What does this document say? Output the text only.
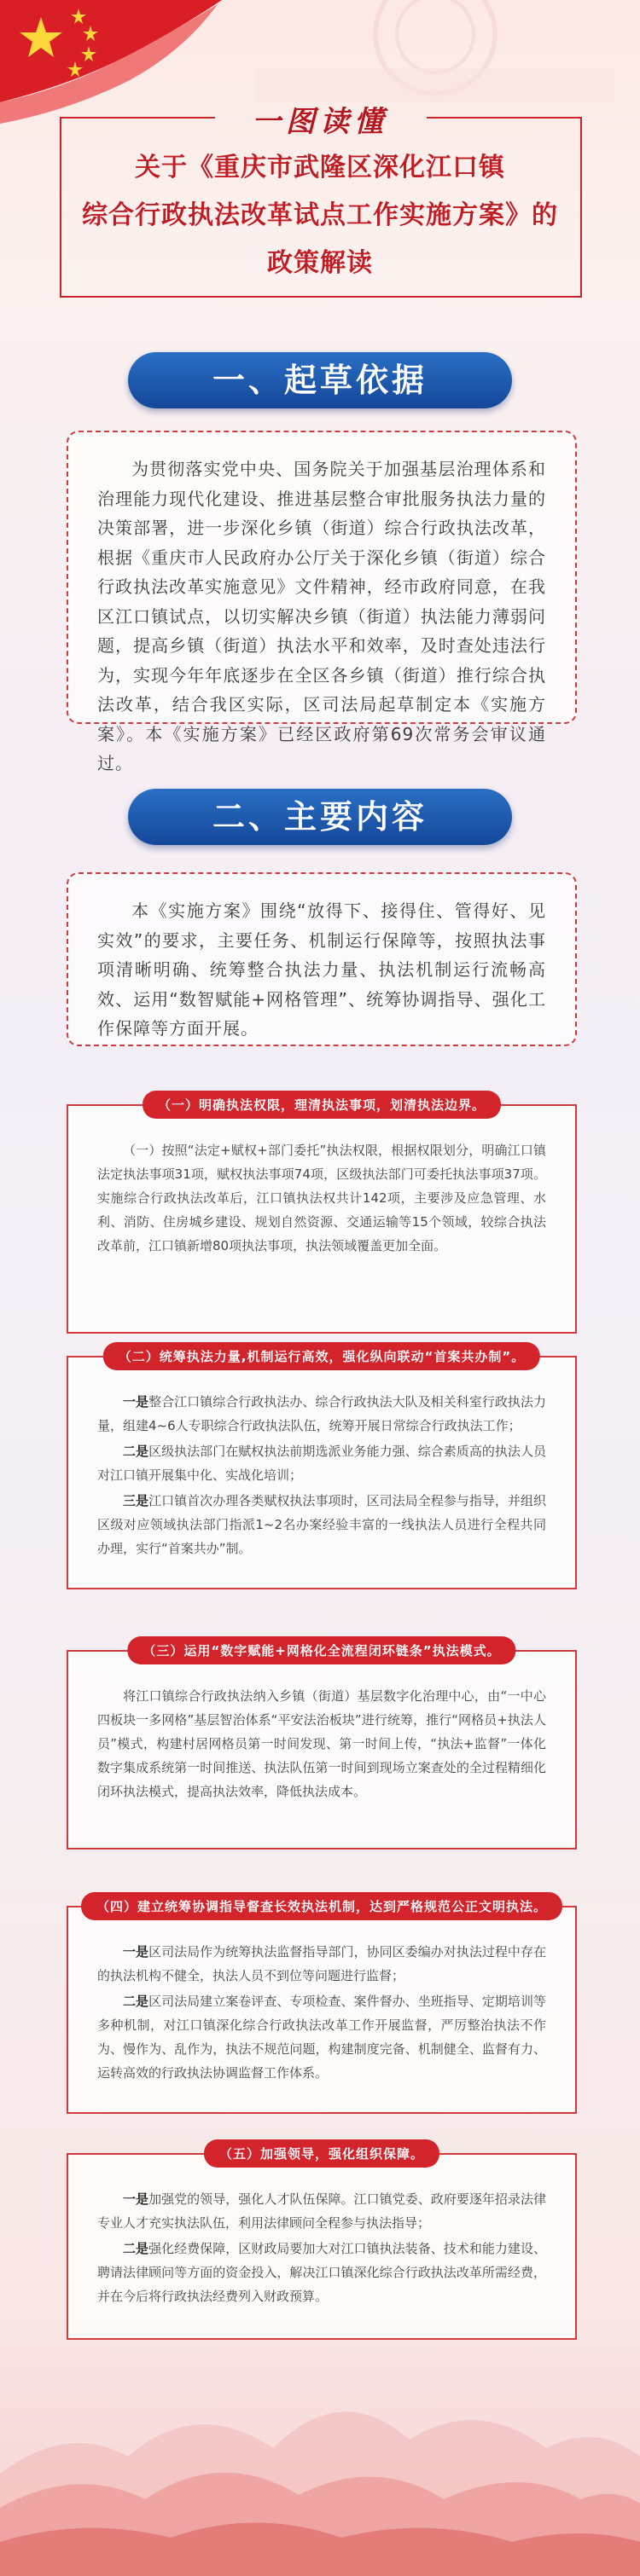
一图读懂
关于《重庆市武隆区深化江口镇
综合行政执法改革试点工作实施方案》的
政策解读
一、起草依据

为贯彻落实党中央、国务院关于加强基层治理体系和治理能力现代化建设、推进基层整合审批服务执法力量的决策部署，进一步深化乡镇（街道）综合行政执法改革，根据《重庆市人民政府办公厅关于深化乡镇（街道）综合行政执法改革实施意见》文件精神，经市政府同意，在我区江口镇试点，以切实解决乡镇（街道）执法能力薄弱问题，提高乡镇（街道）执法水平和效率，及时查处违法行为，实现今年年底逐步在全区各乡镇（街道）推行综合执法改革，结合我区实际，区司法局起草制定本《实施方案》。本《实施方案》已经区政府第69次常务会审议通过。

二、主要内容

本《实施方案》围绕“放得下、接得住、管得好、见实效”的要求，主要任务、机制运行保障等，按照执法事项清晰明确、统筹整合执法力量、执法机制运行流畅高效、运用“数智赋能+网格管理”、统筹协调指导、强化工作保障等方面开展。

（一）明确执法权限，理清执法事项，划清执法边界。

（一）按照“法定+赋权+部门委托”执法权限，根据权限划分，明确江口镇法定执法事项31项，赋权执法事项74项，区级执法部门可委托执法事项37项。实施综合行政执法改革后，江口镇执法权共计142项，主要涉及应急管理、水利、消防、住房城乡建设、规划自然资源、交通运输等15个领域，较综合执法改革前，江口镇新增80项执法事项，执法领域覆盖更加全面。

（二）统筹执法力量,机制运行高效，强化纵向联动“首案共办制”。

一是整合江口镇综合行政执法办、综合行政执法大队及相关科室行政执法力量，组建4~6人专职综合行政执法队伍，统筹开展日常综合行政执法工作；

二是区级执法部门在赋权执法前期选派业务能力强、综合素质高的执法人员对江口镇开展集中化、实战化培训；

三是江口镇首次办理各类赋权执法事项时，区司法局全程参与指导，并组织区级对应领域执法部门指派1~2名办案经验丰富的一线执法人员进行全程共同办理，实行“首案共办”制。

（三）运用“数字赋能+网格化全流程闭环链条”执法模式。

将江口镇综合行政执法纳入乡镇（街道）基层数字化治理中心，由“一中心四板块一多网格”基层智治体系“平安法治板块”进行统筹，推行“网格员+执法人员”模式，构建村居网格员第一时间发现、第一时间上传，“执法+监督”一体化数字集成系统第一时间推送、执法队伍第一时间到现场立案查处的全过程精细化闭环执法模式，提高执法效率，降低执法成本。

（四）建立统筹协调指导督查长效执法机制，达到严格规范公正文明执法。

一是区司法局作为统筹执法监督指导部门，协同区委编办对执法过程中存在的执法机构不健全，执法人员不到位等问题进行监督；

二是区司法局建立案卷评查、专项检查、案件督办、坐班指导、定期培训等多种机制，对江口镇深化综合行政执法改革工作开展监督，严厉整治执法不作为、慢作为、乱作为，执法不规范问题，构建制度完备、机制健全、监督有力、运转高效的行政执法协调监督工作体系。

（五）加强领导，强化组织保障。

一是加强党的领导，强化人才队伍保障。江口镇党委、政府要逐年招录法律专业人才充实执法队伍，利用法律顾问全程参与执法指导；

二是强化经费保障，区财政局要加大对江口镇执法装备、技术和能力建设、聘请法律顾问等方面的资金投入，解决江口镇深化综合行政执法改革所需经费，并在今后将行政执法经费列入财政预算。
